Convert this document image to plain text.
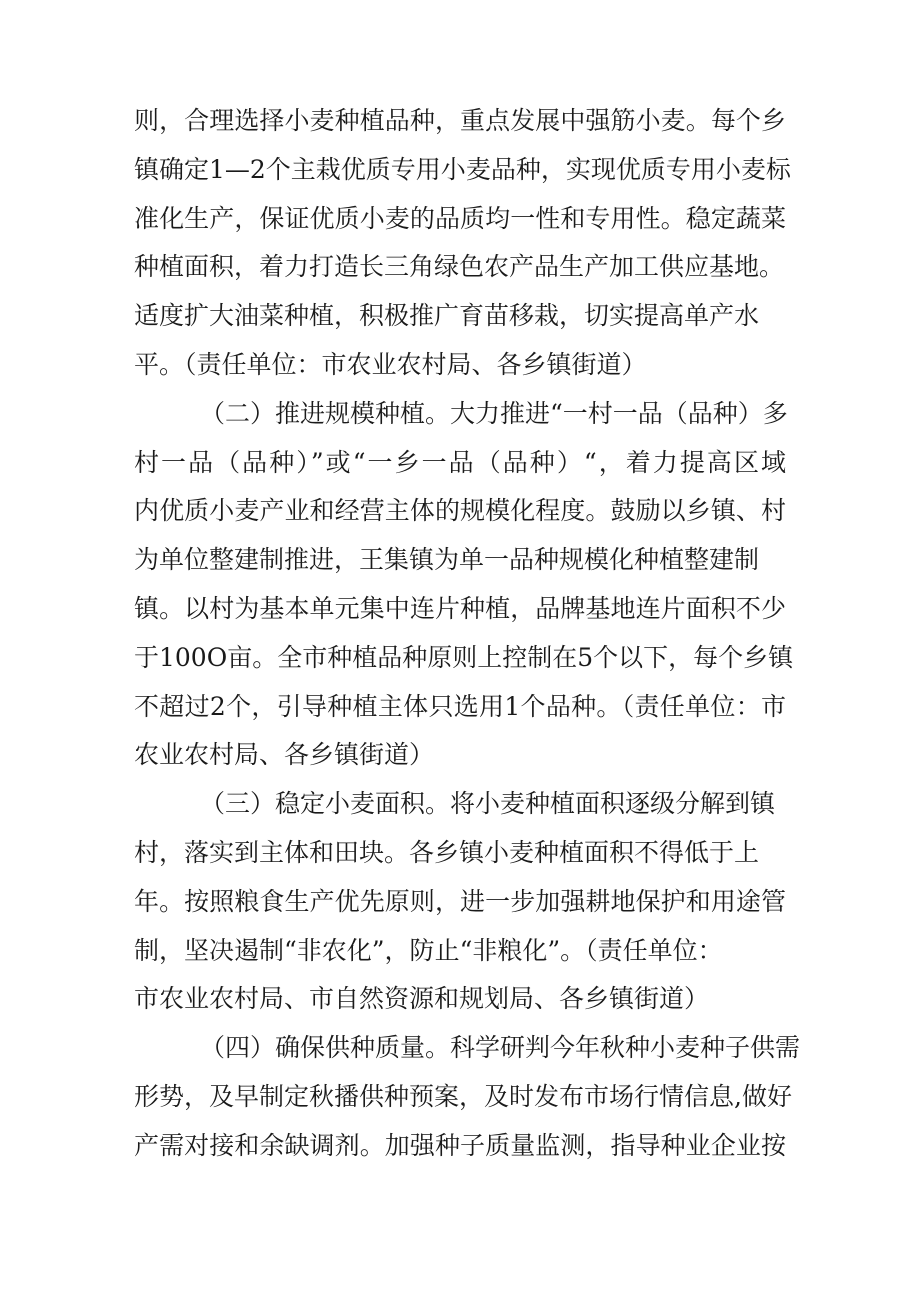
则，合理选择小麦种植品种，重点发展中强筋小麦。每个乡
镇确定1—2个主栽优质专用小麦品种，实现优质专用小麦标
准化生产，保证优质小麦的品质均一性和专用性。稳定蔬菜
种植面积，着力打造长三角绿色农产品生产加工供应基地。
适度扩大油菜种植，积极推广育苗移栽，切实提高单产水
平。（责任单位：市农业农村局、各乡镇街道）
（二）推进规模种植。大力推进“一村一品（品种）多
村一品（品种）”或“一乡一品（品种）“，着力提高区域
内优质小麦产业和经营主体的规模化程度。鼓励以乡镇、村
为单位整建制推进，王集镇为单一品种规模化种植整建制
镇。以村为基本单元集中连片种植，品牌基地连片面积不少
于100O亩。全市种植品种原则上控制在5个以下，每个乡镇
不超过2个，引导种植主体只选用1个品种。（责任单位：市
农业农村局、各乡镇街道）
（三）稳定小麦面积。将小麦种植面积逐级分解到镇
村，落实到主体和田块。各乡镇小麦种植面积不得低于上
年。按照粮食生产优先原则，进一步加强耕地保护和用途管
制，坚决遏制“非农化”，防止“非粮化”。（责任单位：
市农业农村局、市自然资源和规划局、各乡镇街道）
（四）确保供种质量。科学研判今年秋种小麦种子供需
形势，及早制定秋播供种预案，及时发布市场行情信息,做好
产需对接和余缺调剂。加强种子质量监测，指导种业企业按
